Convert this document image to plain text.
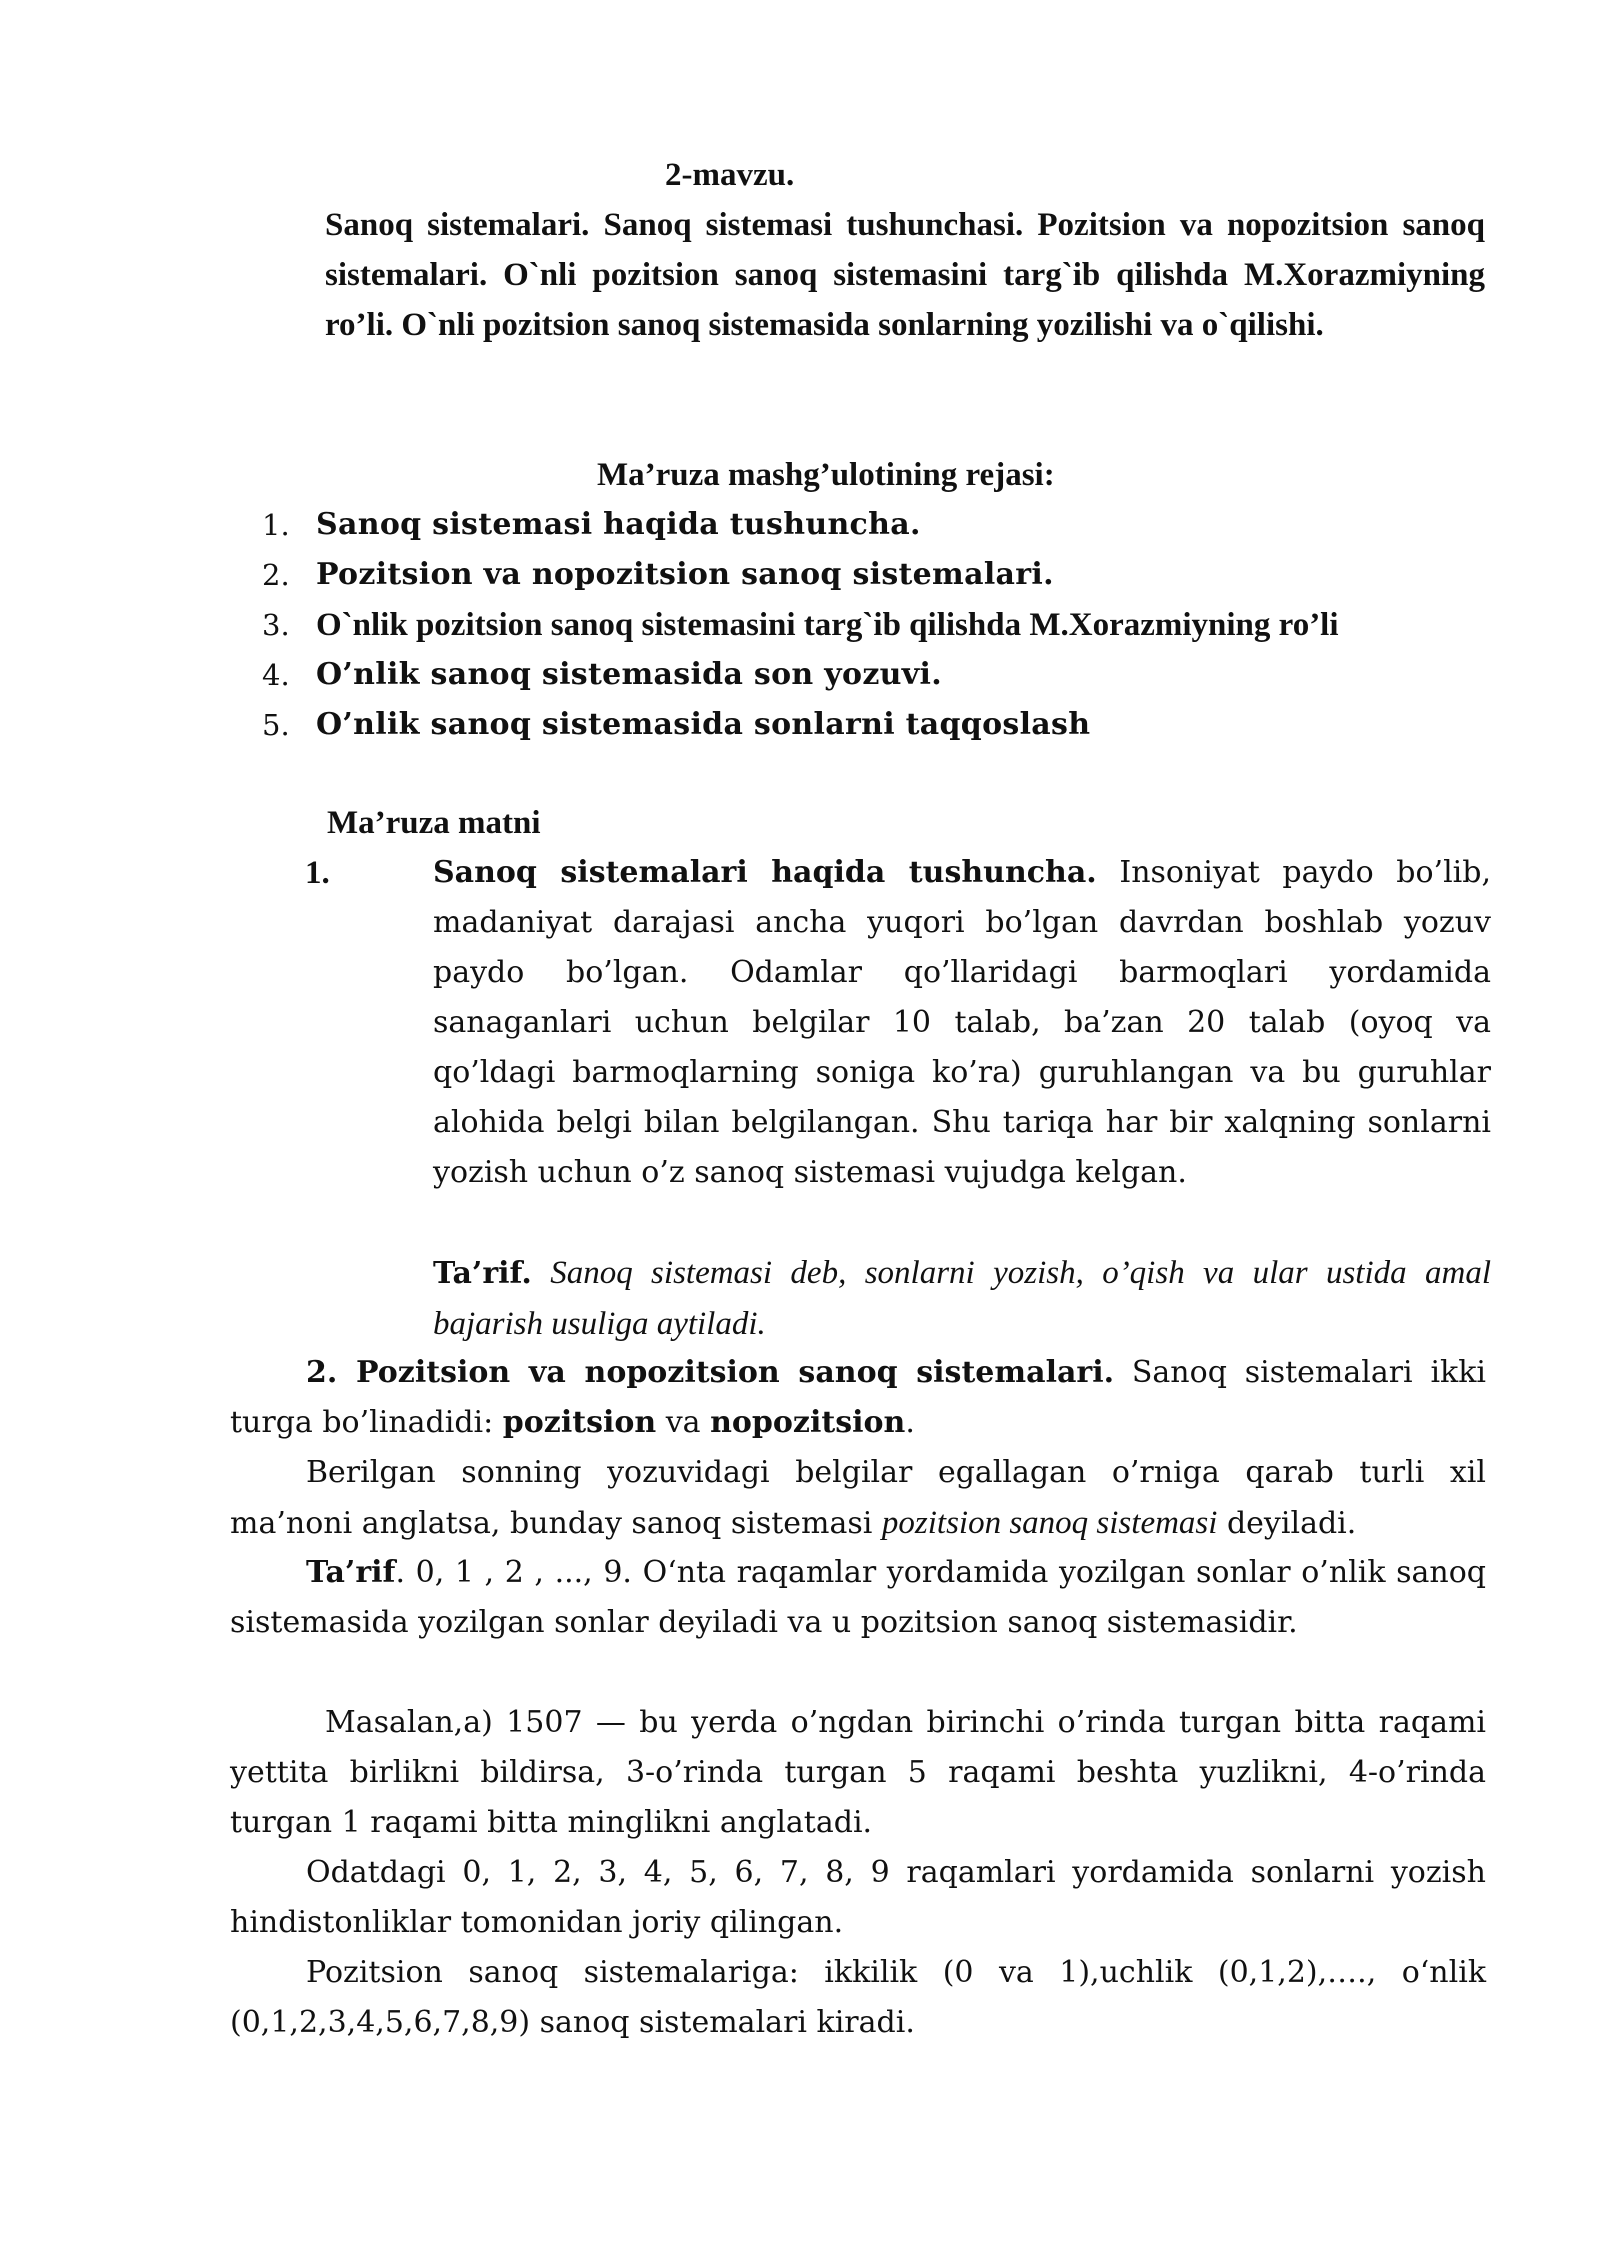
2-mavzu.
Sanoq sistemalari. Sanoq sistemasi tushunchasi. Pozitsion va nopozitsion sanoq sistemalari. O`nli pozitsion sanoq sistemasini targ`ib qilishda M.Xorazmiyning ro’li. O`nli pozitsion sanoq sistemasida sonlarning yozilishi va o`qilishi.
Ma’ruza mashg’ulotining rejasi:
1. Sanoq sistemasi haqida tushuncha.
2. Pozitsion va nopozitsion sanoq sistemalari.
3. O`nlik pozitsion sanoq sistemasini targ`ib qilishda M.Xorazmiyning ro’li
4. O’nlik sanoq sistemasida son yozuvi.
5. O’nlik sanoq sistemasida sonlarni taqqoslash
Ma’ruza matni
1.	Sanoq sistemalari haqida tushuncha. Insoniyat paydo bo’lib, madaniyat darajasi ancha yuqori bo’lgan davrdan boshlab yozuv paydo bo’lgan. Odamlar qo’llaridagi barmoqlari yordamida sanaganlari uchun belgilar 10 talab, ba’zan 20 talab (oyoq va qo’ldagi barmoqlarning soniga ko’ra) guruhlangan va bu guruhlar alohida belgi bilan belgilangan. Shu tariqa har bir xalqning sonlarni yozish uchun o’z sanoq sistemasi vujudga kelgan.
Ta’rif. Sanoq sistemasi deb, sonlarni yozish, o’qish va ular ustida amal bajarish usuliga aytiladi.
2. Pozitsion va nopozitsion sanoq sistemalari. Sanoq sistemalari ikki turga bo’linadidi: pozitsion va nopozitsion.
Berilgan sonning yozuvidagi belgilar egallagan o’rniga qarab turli xil ma’noni anglatsa, bunday sanoq sistemasi pozitsion sanoq sistemasi deyiladi.
Ta’rif. 0, 1 , 2 , ..., 9. O‘nta raqamlar yordamida yozilgan sonlar o’nlik sanoq sistemasida yozilgan sonlar deyiladi va u pozitsion sanoq sistemasidir.
Masalan,a) 1507 — bu yerda o’ngdan birinchi o’rinda turgan bitta raqami yettita birlikni bildirsa, 3-o’rinda turgan 5 raqami beshta yuzlikni, 4-o’rinda turgan 1 raqami bitta minglikni anglatadi.
Odatdagi 0, 1, 2, 3, 4, 5, 6, 7, 8, 9 raqamlari yordamida sonlarni yozish hindistonliklar tomonidan joriy qilingan.
Pozitsion sanoq sistemalariga: ikkilik (0 va 1),uchlik (0,1,2),…., o‘nlik (0,1,2,3,4,5,6,7,8,9) sanoq sistemalari kiradi.
